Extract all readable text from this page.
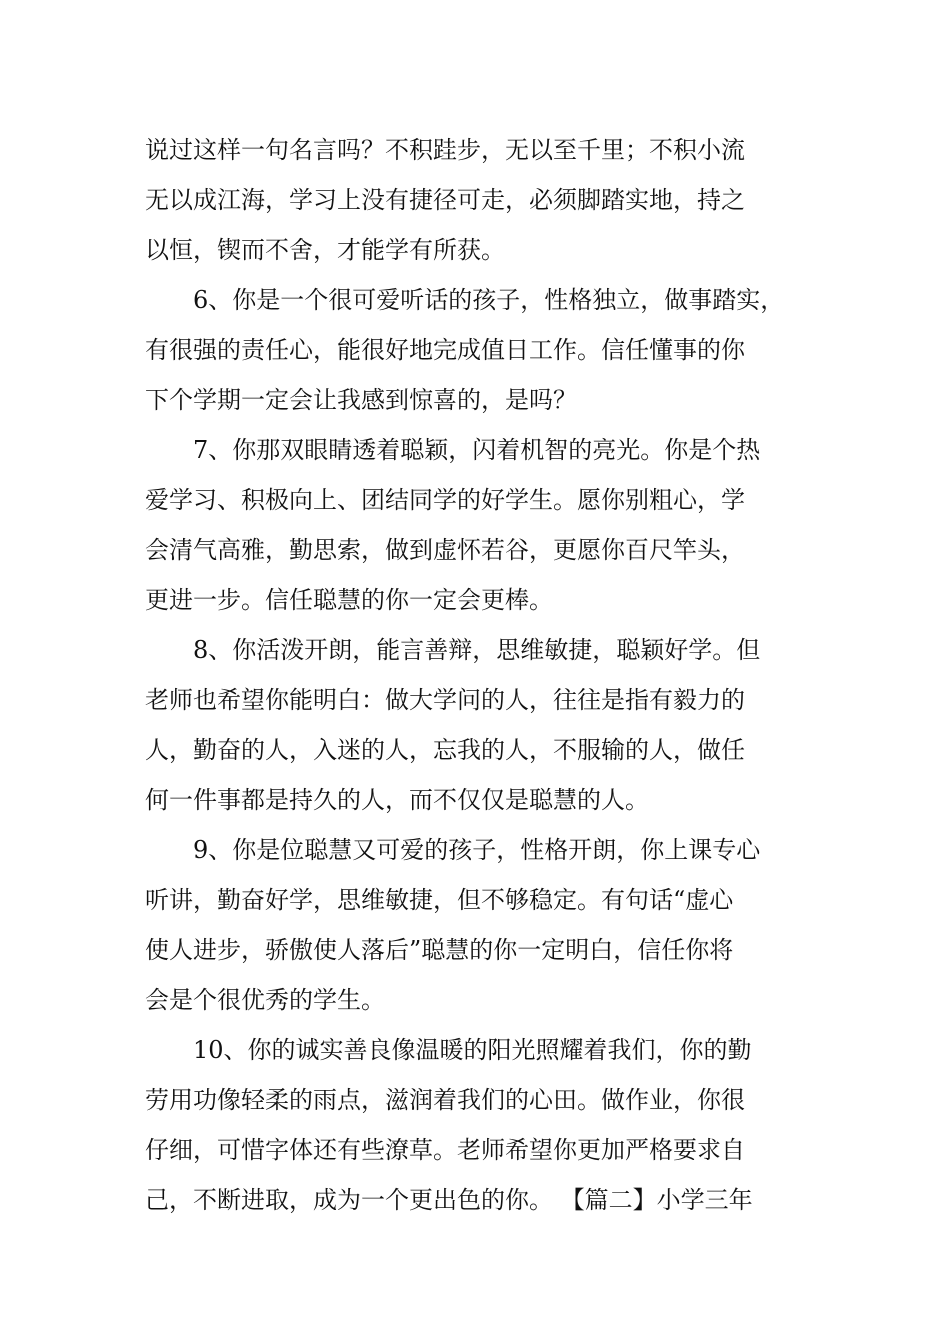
说过这样一句名言吗？不积跬步，无以至千里；不积小流
无以成江海，学习上没有捷径可走，必须脚踏实地，持之
以恒，锲而不舍，才能学有所获。
6、你是一个很可爱听话的孩子，性格独立，做事踏实，
有很强的责任心，能很好地完成值日工作。信任懂事的你
下个学期一定会让我感到惊喜的，是吗？
7、你那双眼睛透着聪颖，闪着机智的亮光。你是个热
爱学习、积极向上、团结同学的好学生。愿你别粗心，学
会清气高雅，勤思索，做到虚怀若谷，更愿你百尺竿头，
更进一步。信任聪慧的你一定会更棒。
8、你活泼开朗，能言善辩，思维敏捷，聪颖好学。但
老师也希望你能明白：做大学问的人，往往是指有毅力的
人，勤奋的人，入迷的人，忘我的人，不服输的人，做任
何一件事都是持久的人，而不仅仅是聪慧的人。
9、你是位聪慧又可爱的孩子，性格开朗，你上课专心
听讲，勤奋好学，思维敏捷，但不够稳定。有句话“虚心
使人进步，骄傲使人落后”聪慧的你一定明白，信任你将
会是个很优秀的学生。
10、你的诚实善良像温暖的阳光照耀着我们，你的勤
劳用功像轻柔的雨点，滋润着我们的心田。做作业，你很
仔细，可惜字体还有些潦草。老师希望你更加严格要求自
己，不断进取，成为一个更出色的你。 【篇二】小学三年
